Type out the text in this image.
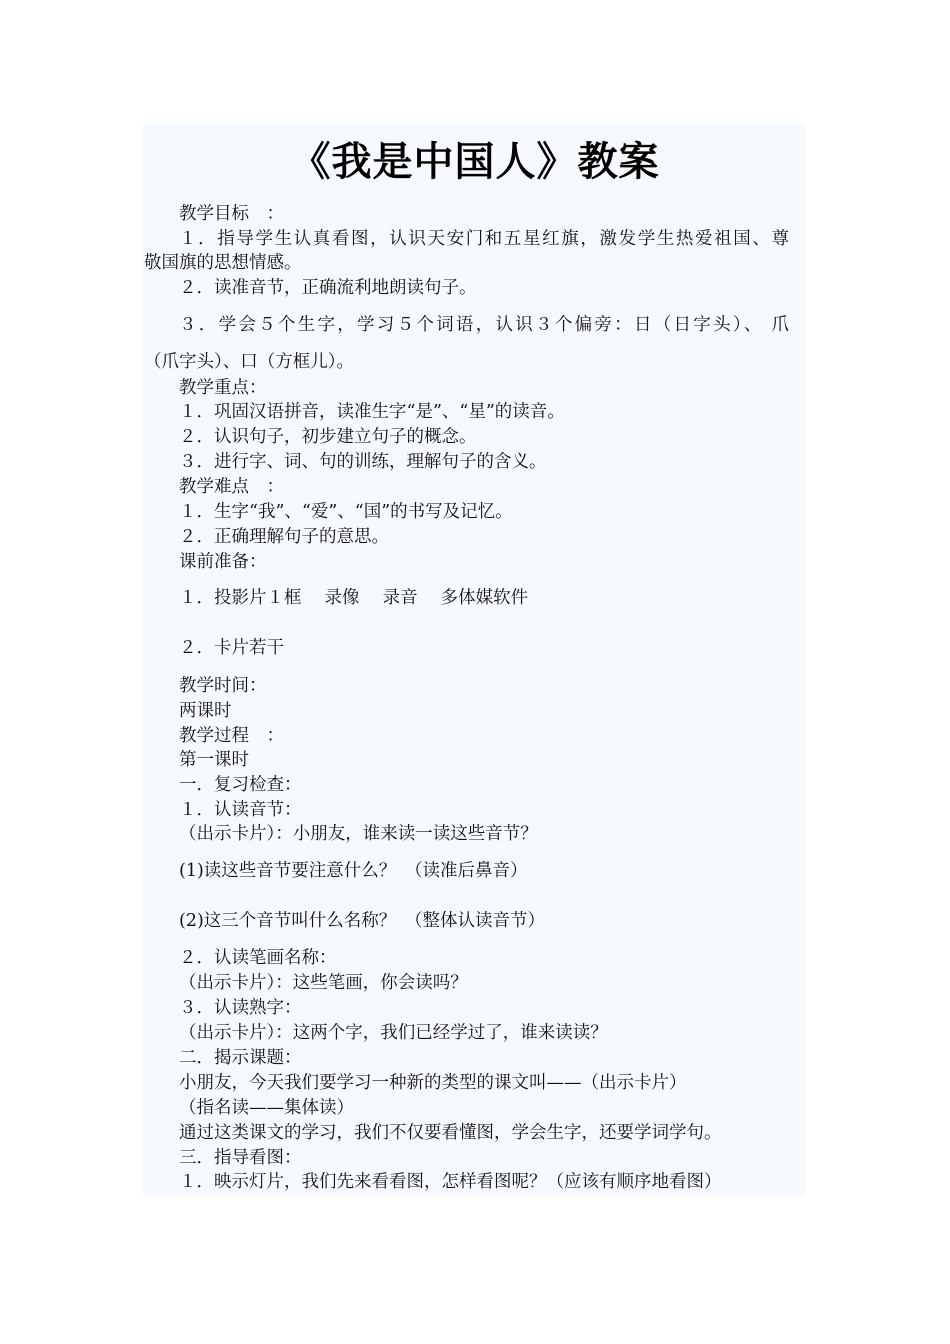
《我是中国人》教案
教学目标　：
１．指导学生认真看图，认识天安门和五星红旗，激发学生热爱祖国、尊
敬国旗的思想情感。
２．读准音节，正确流利地朗读句子。
３．学会５个生字，学习５个词语，认识３个偏旁：日（日字头）、 爪
（爪字头）、口（方框儿）。
教学重点：
１．巩固汉语拼音，读准生字“是”、“星”的读音。
２．认识句子，初步建立句子的概念。
３．进行字、词、句的训练，理解句子的含义。
教学难点　：
１．生字“我”、“爱”、“国”的书写及记忆。
２．正确理解句子的意思。
课前准备：
１．投影片１框　 录像　 录音　 多体媒软件
２．卡片若干
教学时间：
两课时
教学过程　：
第一课时
一．复习检查：
１．认读音节：
（出示卡片）：小朋友，谁来读一读这些音节？
(1)读这些音节要注意什么？　（读准后鼻音）
(2)这三个音节叫什么名称？　（整体认读音节）
２．认读笔画名称：
（出示卡片）：这些笔画，你会读吗？
３．认读熟字：
（出示卡片）：这两个字，我们已经学过了，谁来读读？
二．揭示课题：
小朋友，今天我们要学习一种新的类型的课文叫——（出示卡片）
（指名读——集体读）
通过这类课文的学习，我们不仅要看懂图，学会生字，还要学词学句。
三．指导看图：
１．映示灯片，我们先来看看图，怎样看图呢？（应该有顺序地看图）
